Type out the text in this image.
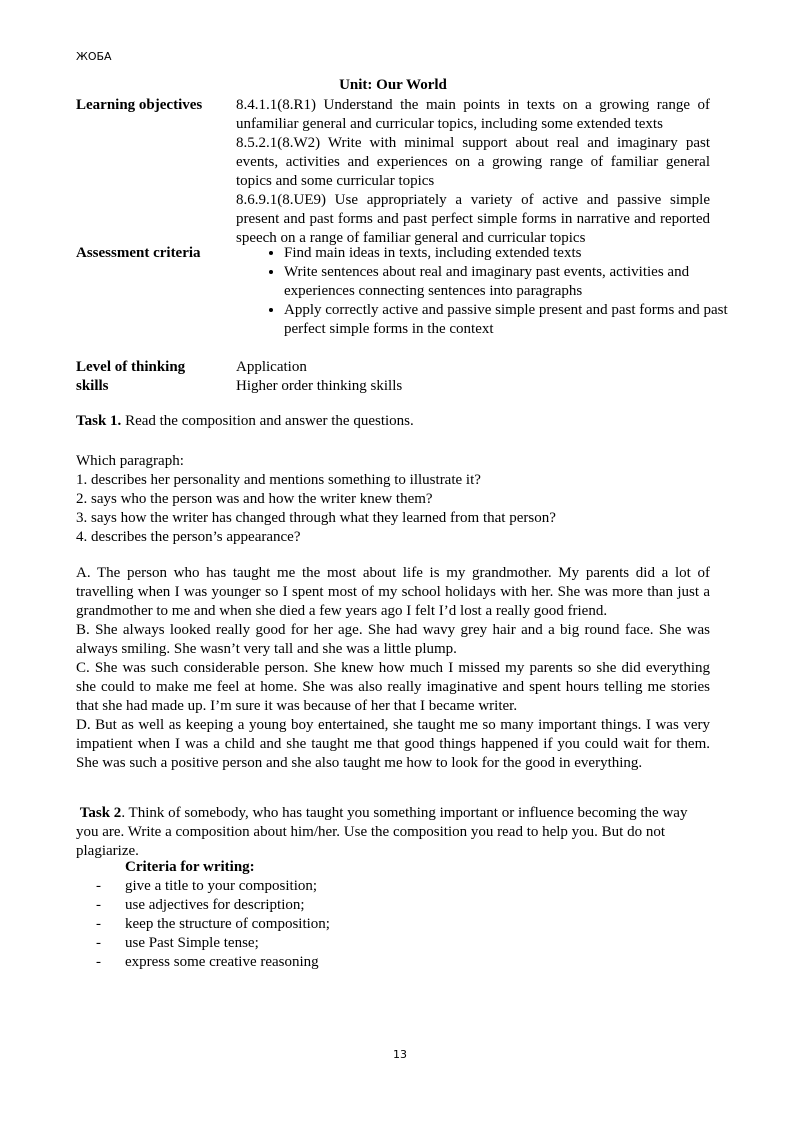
ЖОБА
Unit: Our World
Learning objectives 8.4.1.1(8.R1) Understand the main points in texts on a growing range of unfamiliar general and curricular topics, including some extended texts

8.5.2.1(8.W2) Write with minimal support about real and imaginary past events, activities and experiences on a growing range of familiar general topics and some curricular topics

8.6.9.1(8.UE9) Use appropriately a variety of active and passive simple present and past forms and past perfect simple forms in narrative and reported speech on a range of familiar general and curricular topics

Assessment criteria
•	Find main ideas in texts, including extended texts
• Write sentences about real and imaginary past events, activities and experiences connecting sentences into paragraphs
• Apply correctly active and passive simple present and past forms and past perfect simple forms in the context
Level of thinking
skills
Application
Higher order thinking skills
Task 1. Read the composition and answer the questions.

Which paragraph:

1. describes her personality and mentions something to illustrate it?

2. says who the person was and how the writer knew them?

3. says how the writer has changed through what they learned from that person?

4. describes the person’s appearance?

A. The person who has taught me the most about life is my grandmother. My parents did a lot of travelling when I was younger so I spent most of my school holidays with her. She was more than just a grandmother to me and when she died a few years ago I felt I’d lost a really good friend.

B. She always looked really good for her age. She had wavy grey hair and a big round face. She was always smiling. She wasn’t very tall and she was a little plump.

C. She was such considerable person. She knew how much I missed my parents so she did everything she could to make me feel at home. She was also really imaginative and spent hours telling me stories that she had made up. I’m sure it was because of her that I became writer.

D. But as well as keeping a young boy entertained, she taught me so many important things. I was very impatient when I was a child and she taught me that good things happened if you could wait for them. She was such a positive person and she also taught me how to look for the good in everything.

Task 2. Think of somebody, who has taught you something important or influence becoming the way you are. Write a composition about him/her. Use the composition you read to help you. But do not plagiarize.
Criteria for writing:
- give a title to your composition;
- use adjectives for description;
- keep the structure of composition;
- use Past Simple tense;
- express some creative reasoning
13
